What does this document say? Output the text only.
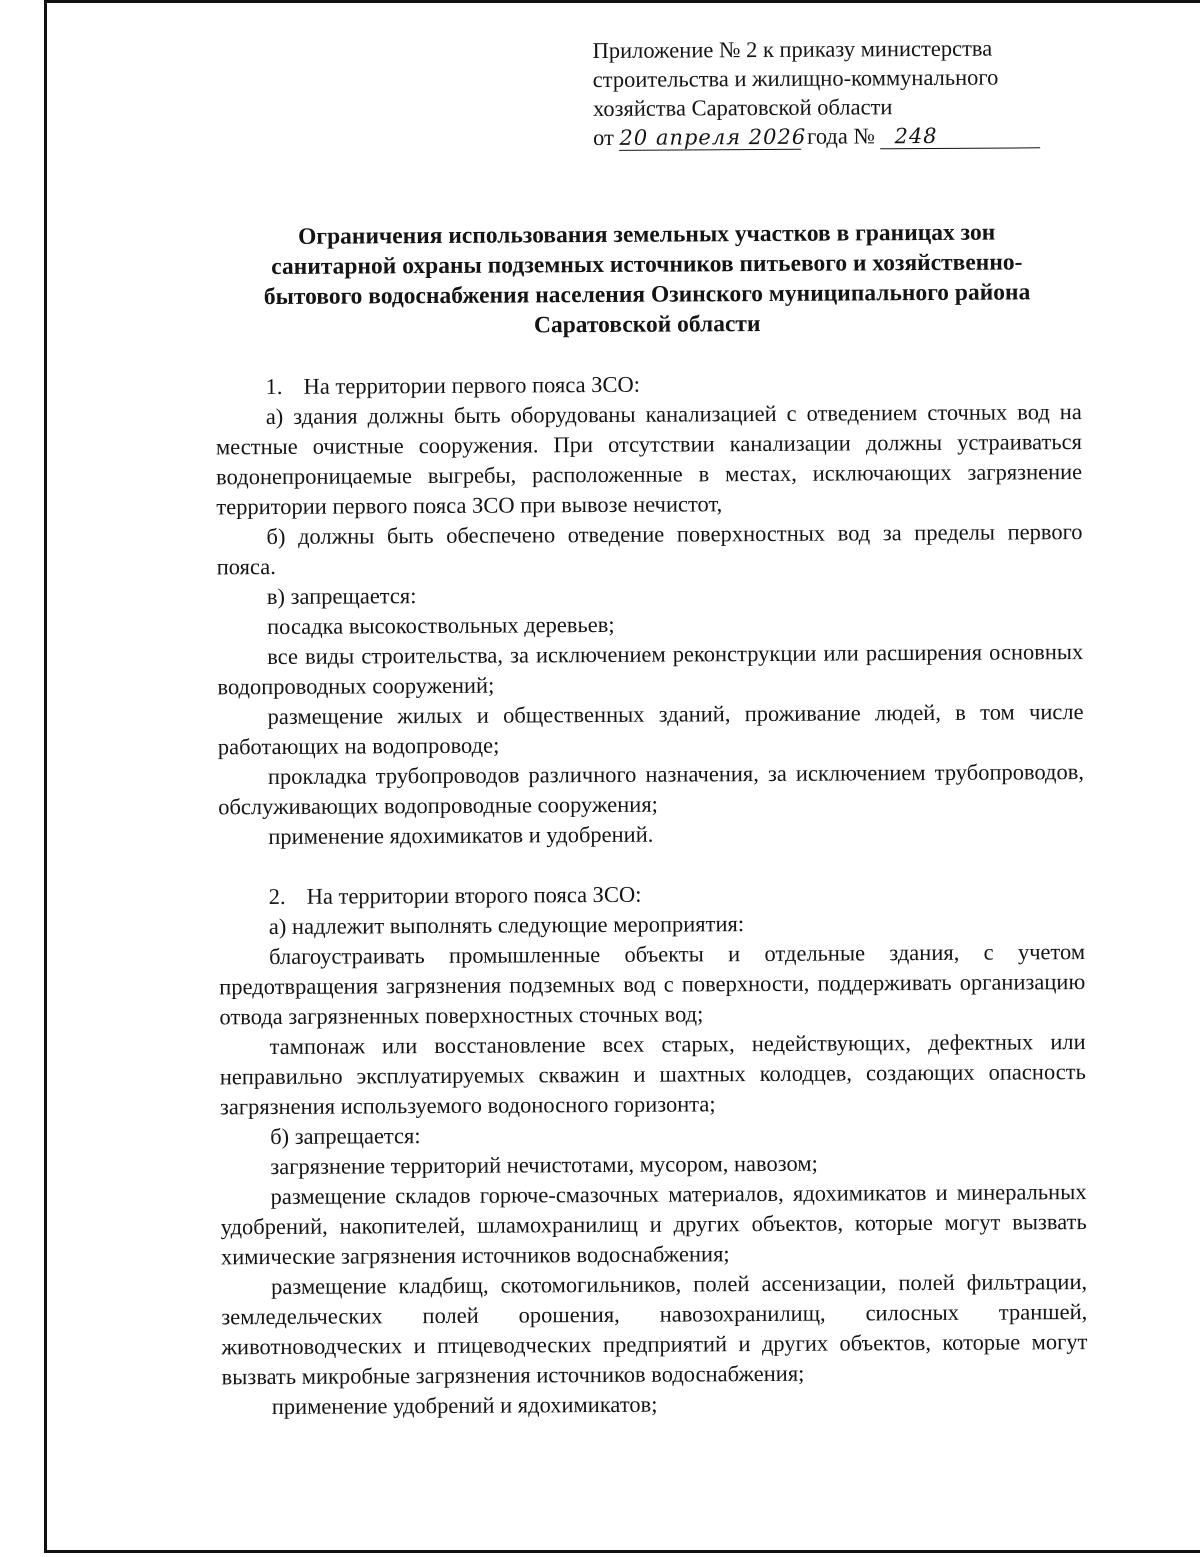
Приложение № 2 к приказу министерства
строительства и жилищно-коммунального
хозяйства Саратовской области
от 20 апреля 2026 года № 248
Ограничения использования земельных участков в границах зон
санитарной охраны подземных источников питьевого и хозяйственно-
бытового водоснабжения населения Озинского муниципального района
Саратовской области

1. На территории первого пояса ЗСО:

а) здания должны быть оборудованы канализацией с отведением сточных вод на местные очистные сооружения. При отсутствии канализации должны устраиваться водонепроницаемые выгребы, расположенные в местах, исключающих загрязнение территории первого пояса ЗСО при вывозе нечистот,

б) должны быть обеспечено отведение поверхностных вод за пределы первого пояса.

в) запрещается:

посадка высокоствольных деревьев;

все виды строительства, за исключением реконструкции или расширения основных водопроводных сооружений;

размещение жилых и общественных зданий, проживание людей, в том числе работающих на водопроводе;

прокладка трубопроводов различного назначения, за исключением трубопроводов, обслуживающих водопроводные сооружения;

применение ядохимикатов и удобрений.

2. На территории второго пояса ЗСО:

а) надлежит выполнять следующие мероприятия:

благоустраивать промышленные объекты и отдельные здания, с учетом предотвращения загрязнения подземных вод с поверхности, поддерживать организацию отвода загрязненных поверхностных сточных вод;

тампонаж или восстановление всех старых, недействующих, дефектных или неправильно эксплуатируемых скважин и шахтных колодцев, создающих опасность загрязнения используемого водоносного горизонта;

б) запрещается:

загрязнение территорий нечистотами, мусором, навозом;

размещение складов горюче-смазочных материалов, ядохимикатов и минеральных удобрений, накопителей, шламохранилищ и других объектов, которые могут вызвать химические загрязнения источников водоснабжения;

размещение кладбищ, скотомогильников, полей ассенизации, полей фильтрации, земледельческих полей орошения, навозохранилищ, силосных траншей, животноводческих и птицеводческих предприятий и других объектов, которые могут вызвать микробные загрязнения источников водоснабжения;

применение удобрений и ядохимикатов;
